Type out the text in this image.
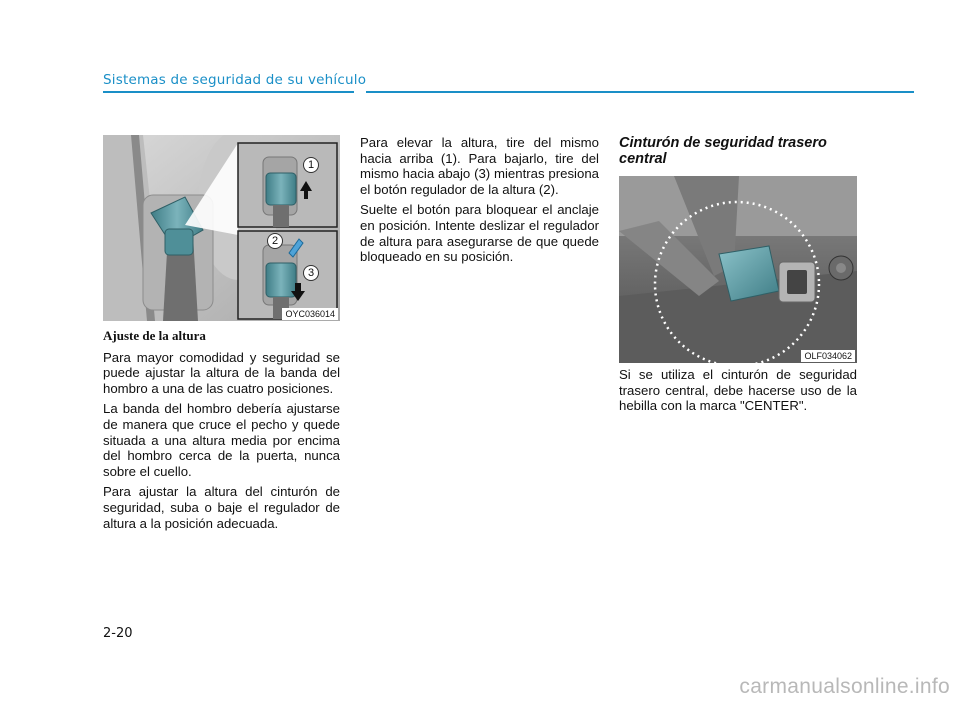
Sistemas de seguridad de su vehículo
1
2
3
OYC036014
Ajuste de la altura

Para mayor comodidad y seguridad se puede ajustar la altura de la banda del hombro a una de las cuatro posiciones.

La banda del hombro debería ajustarse de manera que cruce el pecho y quede situada a una altura media por encima del hombro cerca de la puerta, nunca sobre el cuello.

Para ajustar la altura del cinturón de seguridad, suba o baje el regulador de altura a la posición adecuada.

Para elevar la altura, tire del mismo hacia arriba (1). Para bajarlo, tire del mismo hacia abajo (3) mientras presiona el botón regulador de la altura (2).

Suelte el botón para bloquear el anclaje en posición. Intente deslizar el regulador de altura para asegurarse de que quede bloqueado en su posición.

Cinturón de seguridad trasero central
OLF034062

Si se utiliza el cinturón de seguridad trasero central, debe hacerse uso de la hebilla con la marca "CENTER".

2-20
carmanualsonline.info
